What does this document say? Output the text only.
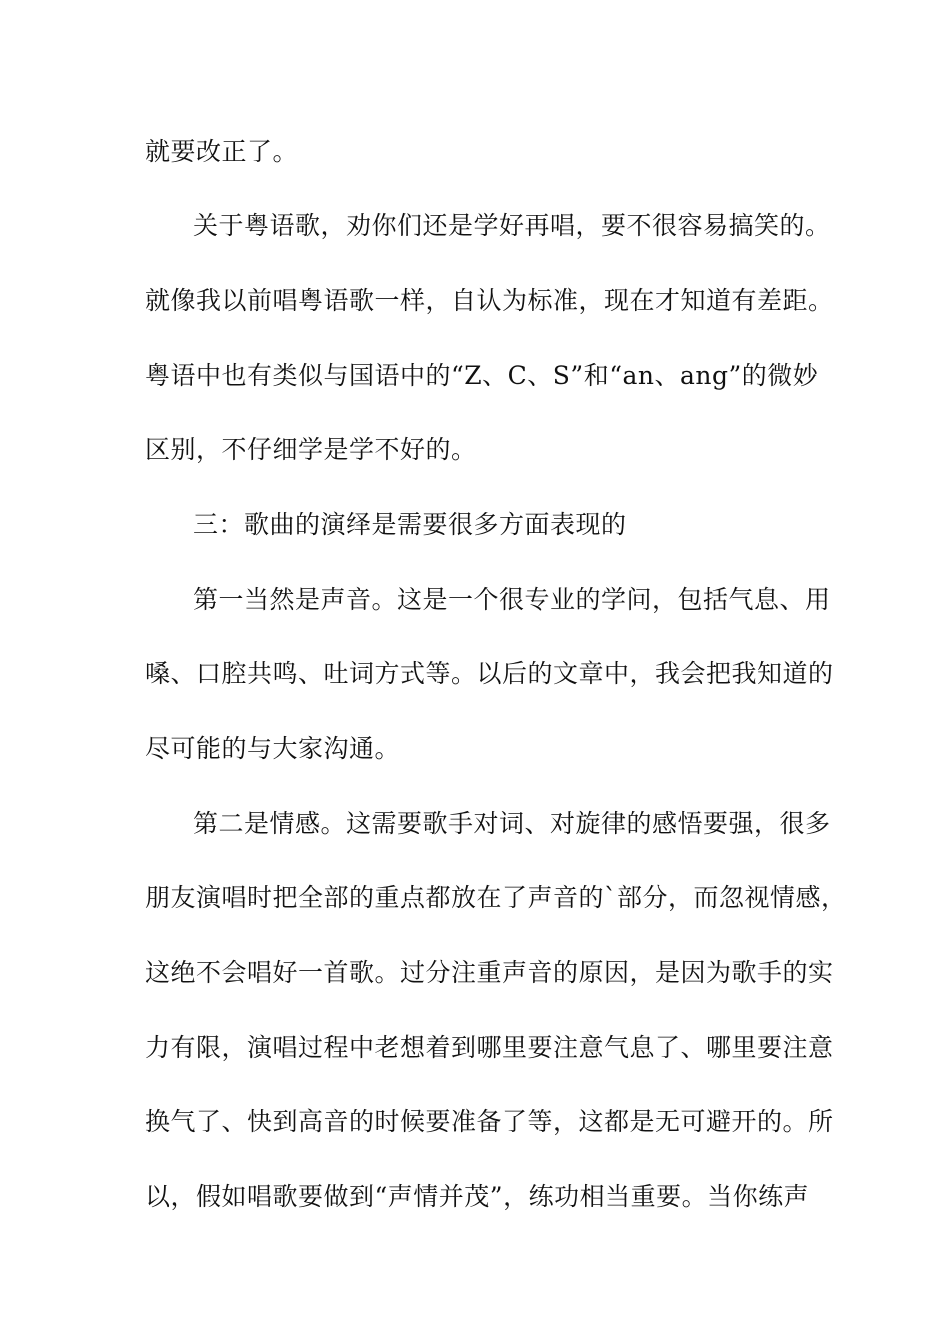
就要改正了。
关于粤语歌，劝你们还是学好再唱，要不很容易搞笑的。
就像我以前唱粤语歌一样，自认为标准，现在才知道有差距。
粤语中也有类似与国语中的“Z、C、S”和“an、ang”的微妙
区别，不仔细学是学不好的。
三：歌曲的演绎是需要很多方面表现的
第一当然是声音。这是一个很专业的学问，包括气息、用
嗓、口腔共鸣、吐词方式等。以后的文章中，我会把我知道的
尽可能的与大家沟通。
第二是情感。这需要歌手对词、对旋律的感悟要强，很多
朋友演唱时把全部的重点都放在了声音的`部分，而忽视情感，
这绝不会唱好一首歌。过分注重声音的原因，是因为歌手的实
力有限，演唱过程中老想着到哪里要注意气息了、哪里要注意
换气了、快到高音的时候要准备了等，这都是无可避开的。所
以，假如唱歌要做到“声情并茂”，练功相当重要。当你练声
